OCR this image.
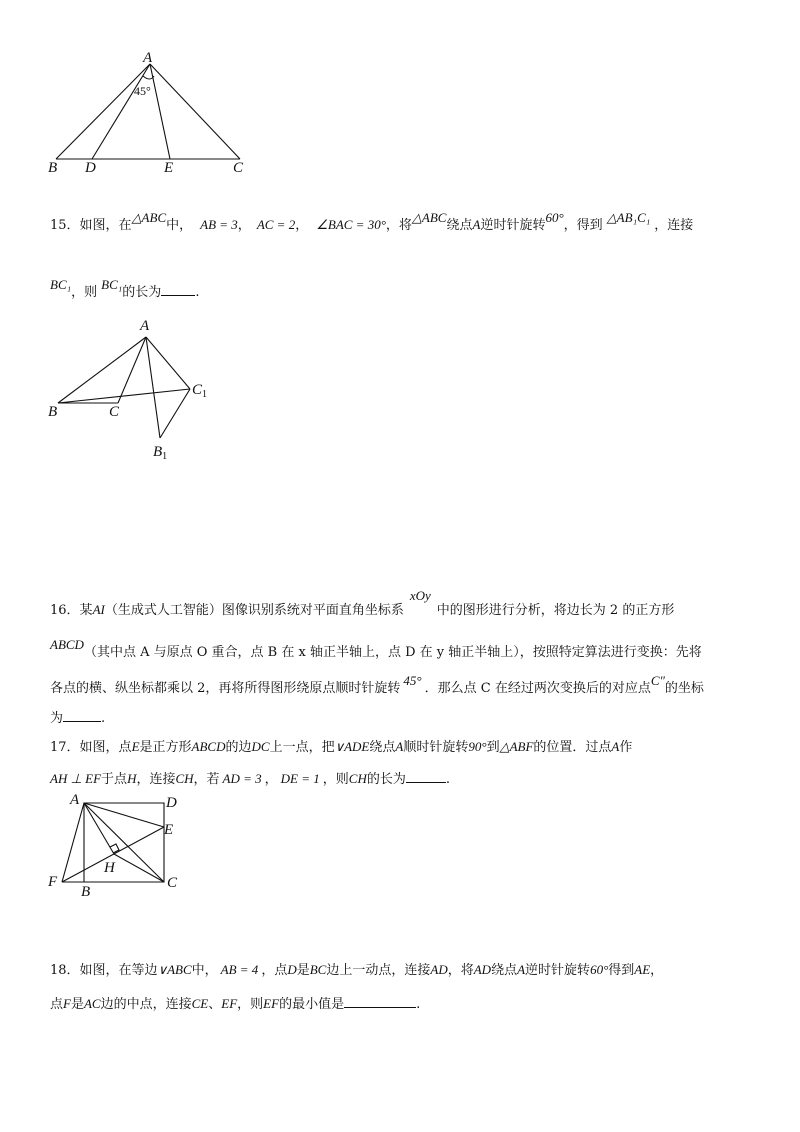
A
45°
B D	E	C
15．如图，在△ABC中， AB = 3， AC = 2， ∠BAC = 30°，将△ABC绕点A逆时针旋转60°，得到△AB₁C₁，连接
BC₁，则BC₁的长为	.
A
B	C
$C_1$
$B_1$
16．某AI（生成式人工智能）图像识别系统对平面直角坐标系xOy中的图形进行分析，将边长为 2 的正方形
ABCD（其中点 A 与原点 O 重合，点 B 在 x 轴正半轴上，点 D 在 y 轴正半轴上），按照特定算法进行变换：先将
各点的横、纵坐标都乘以 2，再将所得图形绕原点顺时针旋转45°．那么点 C 在经过两次变换后的对应点C″的坐标
为	.
17．如图，点E是正方形ABCD的边DC上一点，把∨ADE绕点A顺时针旋转90°到△ABF的位置．过点A作
AH ⊥ EF于点H，连接CH，若 AD = 3 ， DE = 1 ，则CH的长为	.
A	D
E
H
F
B
C
18．如图，在等边∨ABC中， AB = 4 ，点D是BC边上一动点，连接AD，将AD绕点A逆时针旋转60°得到AE，
点F是AC边的中点，连接CE、EF，则EF的最小值是	.
